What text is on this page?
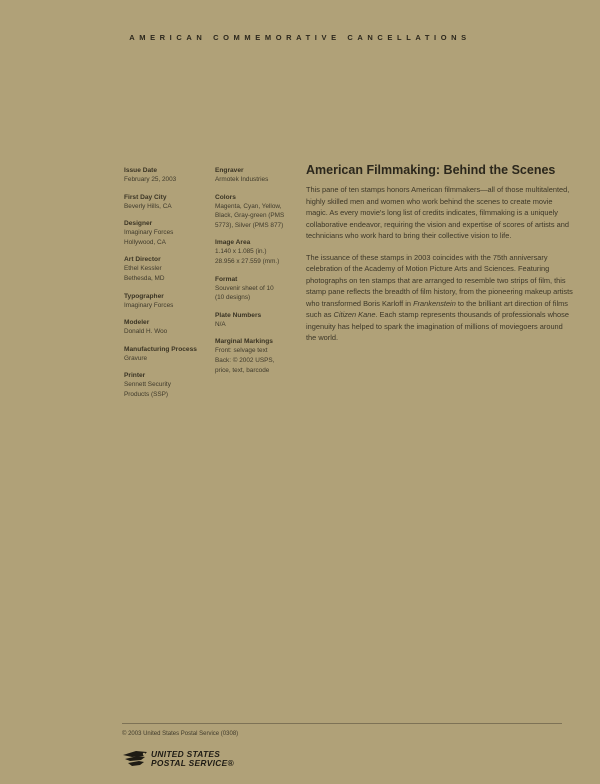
AMERICAN COMMEMORATIVE CANCELLATIONS
Issue Date
February 25, 2003
First Day City
Beverly Hills, CA
Designer
Imaginary Forces
Hollywood, CA
Art Director
Ethel Kessler
Bethesda, MD
Typographer
Imaginary Forces
Modeler
Donald H. Woo
Manufacturing Process
Gravure
Printer
Sennett Security
Products (SSP)
Engraver
Armotek Industries
Colors
Magenta, Cyan, Yellow,
Black, Gray-green (PMS
5773), Silver (PMS 877)
Image Area
1.140 x 1.085 (in.)
28.956 x 27.559 (mm.)
Format
Souvenir sheet of 10
(10 designs)
Plate Numbers
N/A
Marginal Markings
Front: selvage text
Back: © 2002 USPS,
price, text, barcode
American Filmmaking: Behind the Scenes

This pane of ten stamps honors American filmmakers—all of those multitalented, highly skilled men and women who work behind the scenes to create movie magic. As every movie's long list of credits indicates, filmmaking is a uniquely collaborative endeavor, requiring the vision and expertise of scores of artists and technicians who work hard to bring their collective vision to life.

The issuance of these stamps in 2003 coincides with the 75th anniversary celebration of the Academy of Motion Picture Arts and Sciences. Featuring photographs on ten stamps that are arranged to resemble two strips of film, this stamp pane reflects the breadth of film history, from the pioneering makeup artists who transformed Boris Karloff in Frankenstein to the brilliant art direction of films such as Citizen Kane. Each stamp represents thousands of professionals whose ingenuity has helped to spark the imagination of millions of moviegoers around the world.

© 2003 United States Postal Service (0308)
UNITED STATES
POSTAL SERVICE®
